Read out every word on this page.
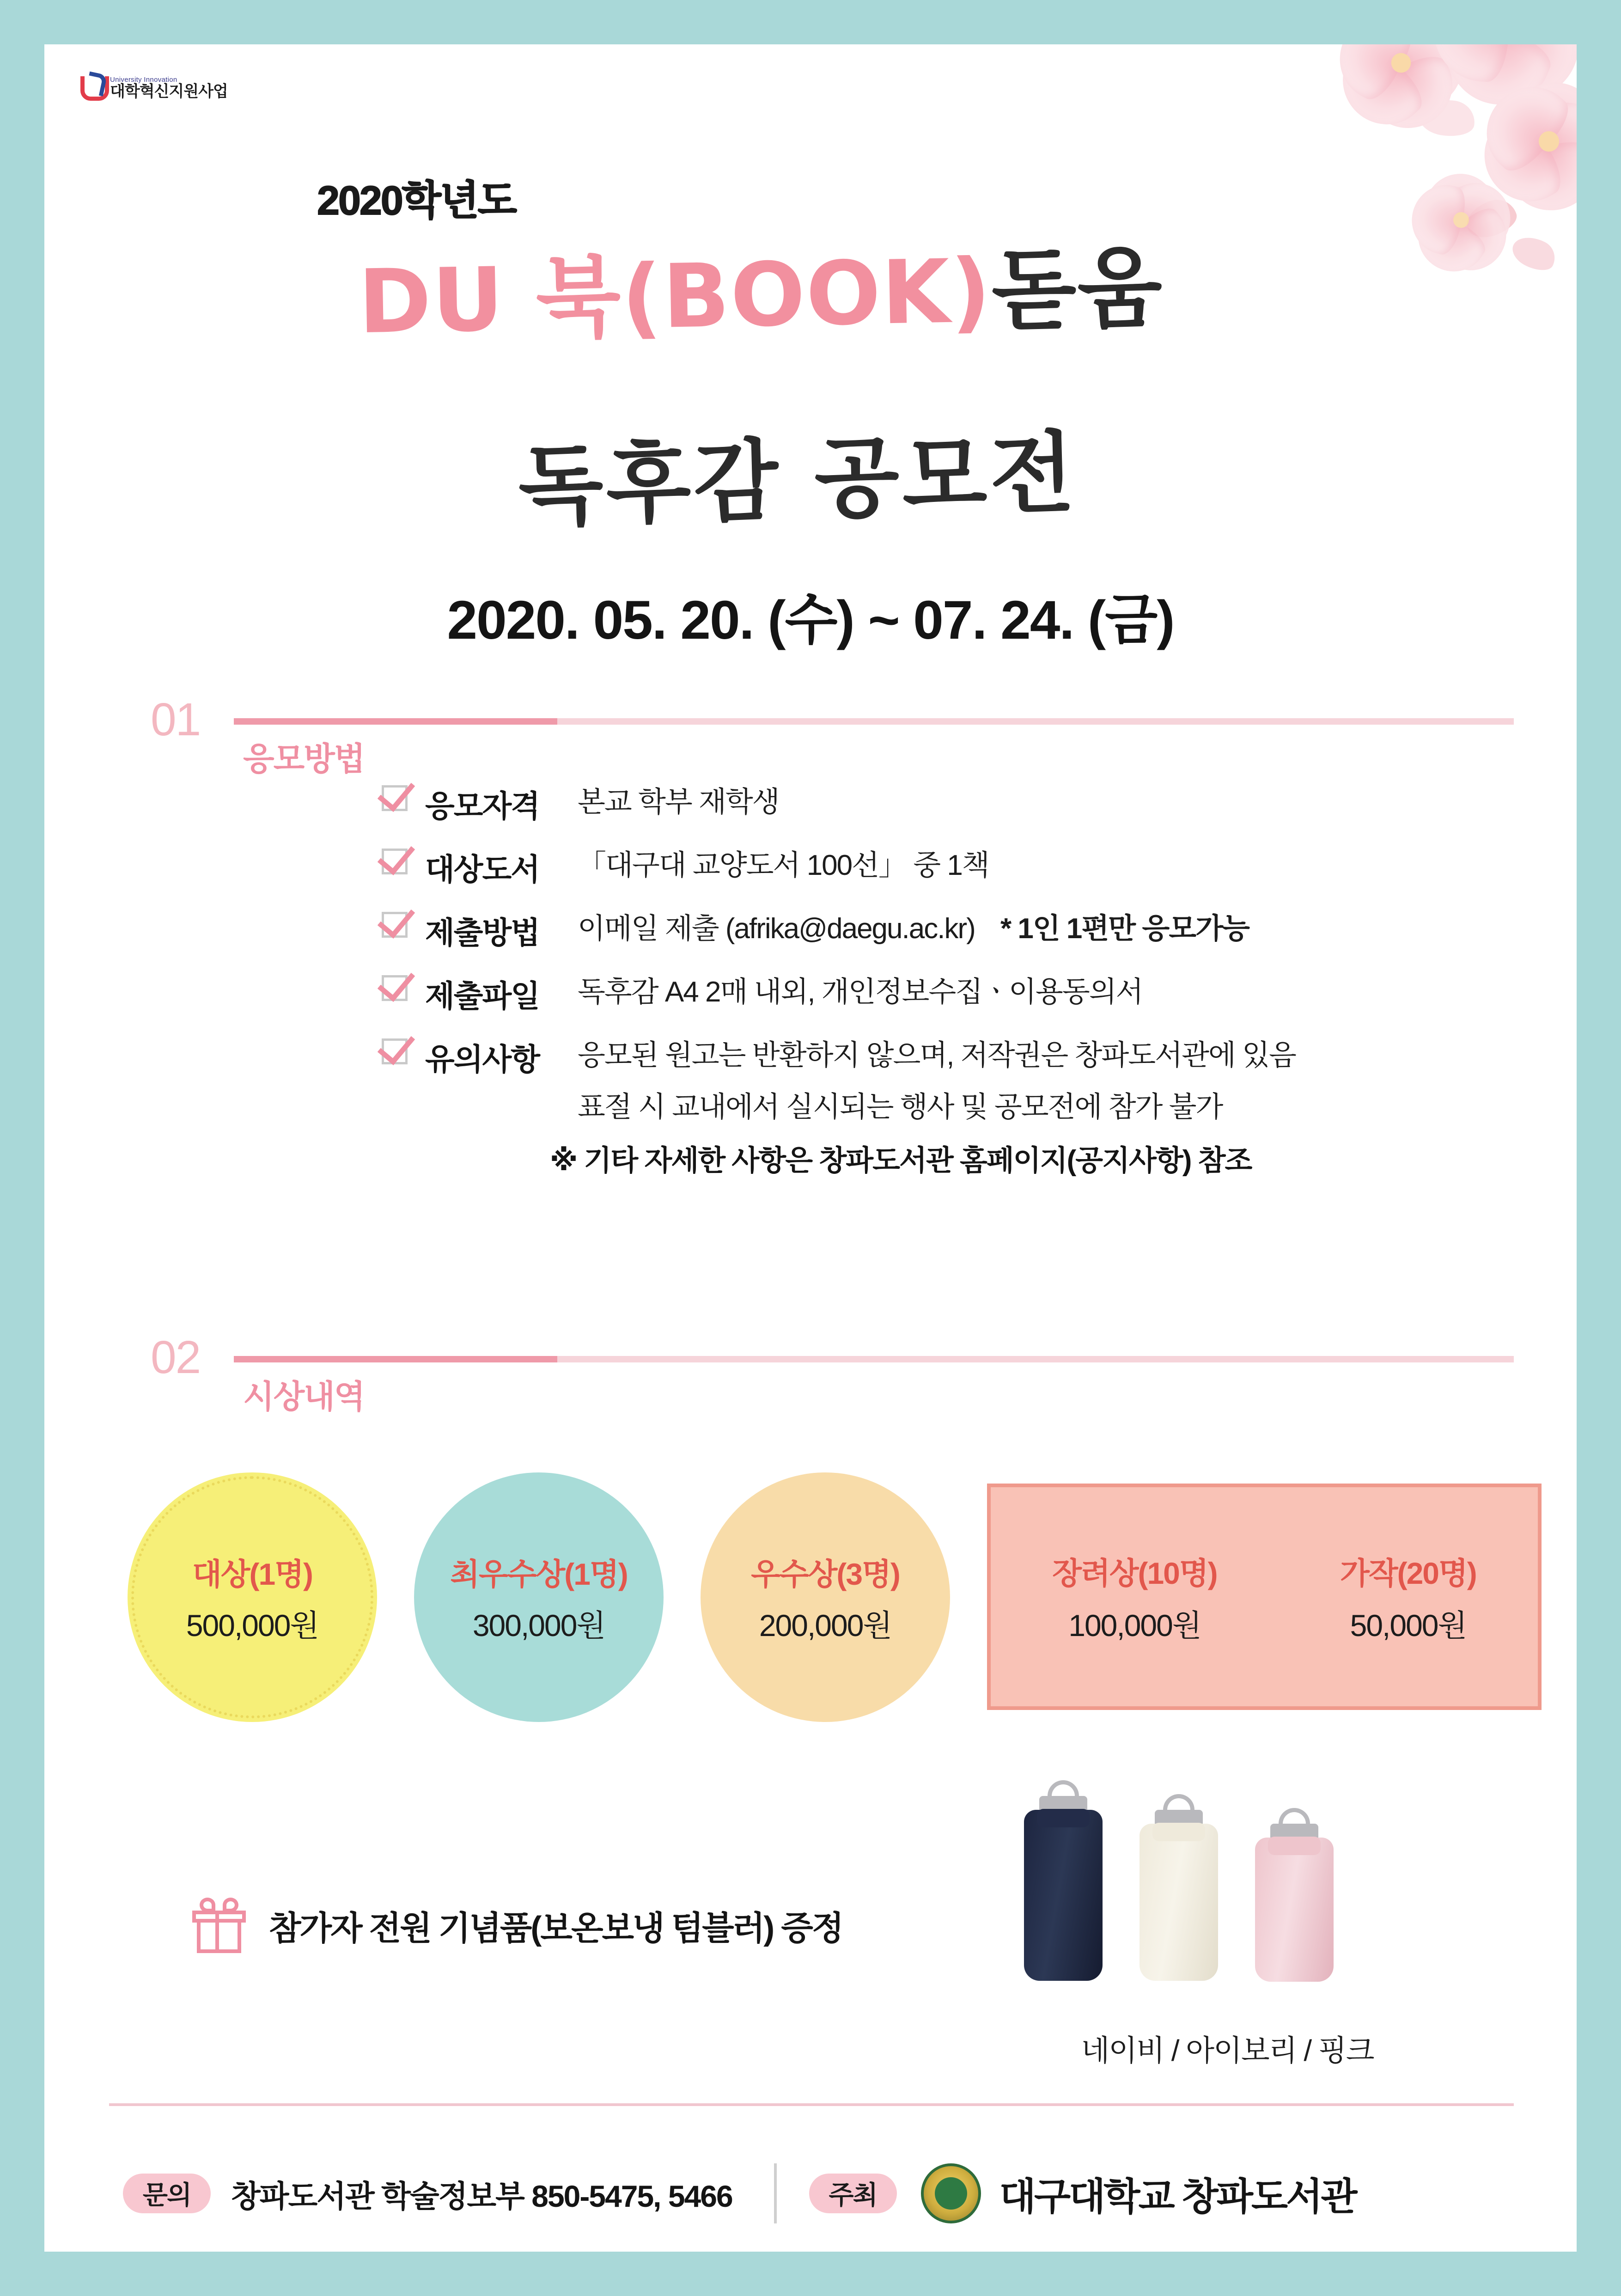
University Innovation
대학혁신지원사업
2020학년도
DU 북(BOOK)돋움
독후감 공모전
2020. 05. 20. (수) ~ 07. 24. (금)
01
응모방법
응모자격	본교 학부 재학생
대상도서	「대구대 교양도서 100선」 중 1책
제출방법	이메일 제출 (afrika@daegu.ac.kr) * 1인 1편만 응모가능
제출파일	독후감 A4 2매 내외, 개인정보수집ㆍ이용동의서
유의사항	응모된 원고는 반환하지 않으며, 저작권은 창파도서관에 있음
표절 시 교내에서 실시되는 행사 및 공모전에 참가 불가
※ 기타 자세한 사항은 창파도서관 홈페이지(공지사항) 참조
02
시상내역
대상(1명)
500,000원
최우수상(1명)
300,000원
우수상(3명)
200,000원
장려상(10명)
100,000원
가작(20명)
50,000원
참가자 전원 기념품(보온보냉 텀블러) 증정
네이비 / 아이보리 / 핑크
문의	창파도서관 학술정보부 850-5475, 5466	주최	대구대학교 창파도서관
